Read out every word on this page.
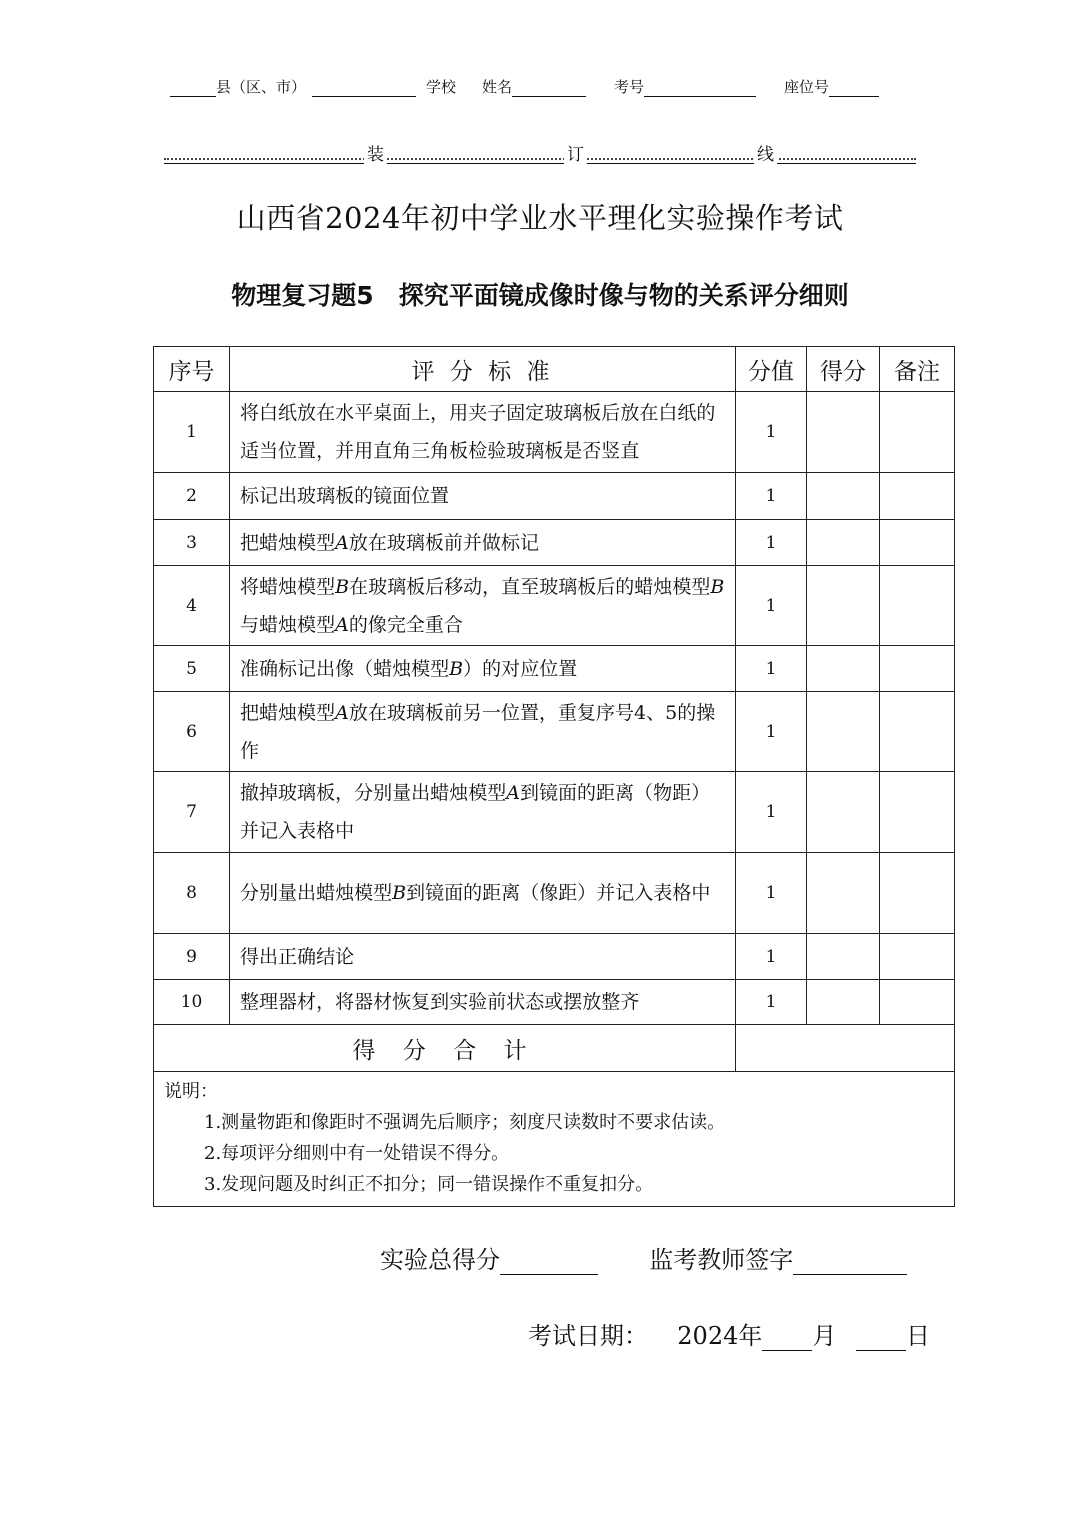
县（区、市）	学校 姓名	考号	座位号
装	订	线
山西省2024年初中学业水平理化实验操作考试
物理复习题5　探究平面镜成像时像与物的关系评分细则
序号	评 分 标 准	分值	得分	备注
1	将白纸放在水平桌面上，用夹子固定玻璃板后放在白纸的适当位置，并用直角三角板检验玻璃板是否竖直	1		
2	标记出玻璃板的镜面位置	1		
3	把蜡烛模型A放在玻璃板前并做标记	1		
4	将蜡烛模型B在玻璃板后移动，直至玻璃板后的蜡烛模型B与蜡烛模型A的像完全重合	1		
5	准确标记出像（蜡烛模型B）的对应位置	1		
6	把蜡烛模型A放在玻璃板前另一位置，重复序号4、5的操作	1		
7	撤掉玻璃板，分别量出蜡烛模型A到镜面的距离（物距）并记入表格中	1		
8	分别量出蜡烛模型B到镜面的距离（像距）并记入表格中	1		
9	得出正确结论	1		
10	整理器材，将器材恢复到实验前状态或摆放整齐	1		
得 分 合 计				

说明：
1.测量物距和像距时不强调先后顺序；刻度尺读数时不要求估读。
2.每项评分细则中有一处错误不得分。
3.发现问题及时纠正不扣分；同一错误操作不重复扣分。				
实验总得分	监考教师签字
考试日期： 2024年 月	日
